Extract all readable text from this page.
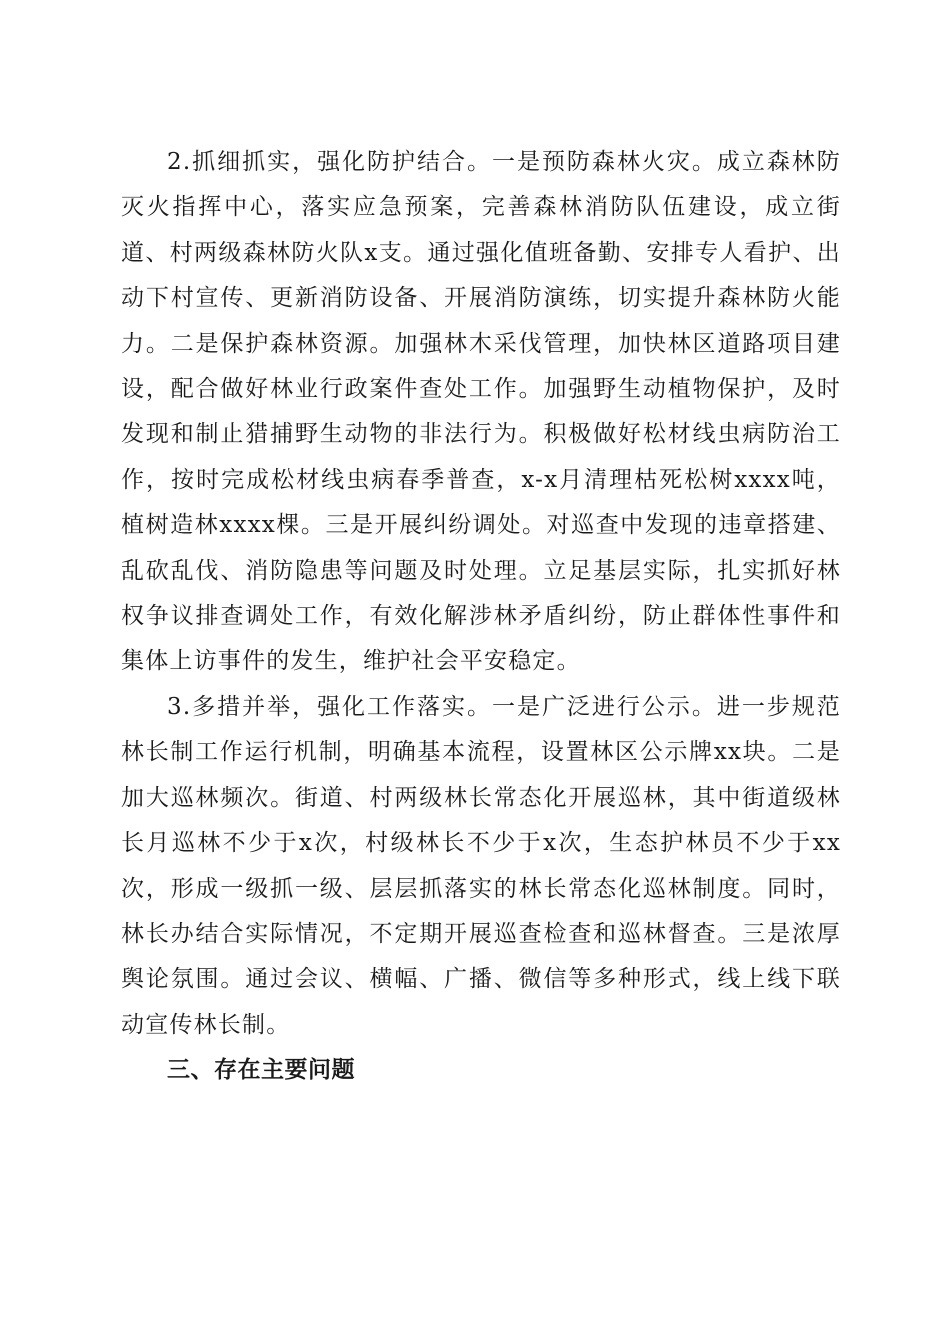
2.抓细抓实，强化防护结合。一是预防森林火灾。成立森林防灭火指挥中心，落实应急预案，完善森林消防队伍建设，成立街道、村两级森林防火队x支。通过强化值班备勤、安排专人看护、出动下村宣传、更新消防设备、开展消防演练，切实提升森林防火能力。二是保护森林资源。加强林木采伐管理，加快林区道路项目建设，配合做好林业行政案件查处工作。加强野生动植物保护，及时发现和制止猎捕野生动物的非法行为。积极做好松材线虫病防治工作，按时完成松材线虫病春季普查，x-x月清理枯死松树xxxx吨，植树造林xxxx棵。三是开展纠纷调处。对巡查中发现的违章搭建、乱砍乱伐、消防隐患等问题及时处理。立足基层实际，扎实抓好林权争议排查调处工作，有效化解涉林矛盾纠纷，防止群体性事件和集体上访事件的发生，维护社会平安稳定。

3.多措并举，强化工作落实。一是广泛进行公示。进一步规范林长制工作运行机制，明确基本流程，设置林区公示牌xx块。二是加大巡林频次。街道、村两级林长常态化开展巡林，其中街道级林长月巡林不少于x次，村级林长不少于x次，生态护林员不少于xx次，形成一级抓一级、层层抓落实的林长常态化巡林制度。同时，林长办结合实际情况，不定期开展巡查检查和巡林督查。三是浓厚舆论氛围。通过会议、横幅、广播、微信等多种形式，线上线下联动宣传林长制。

三、存在主要问题
